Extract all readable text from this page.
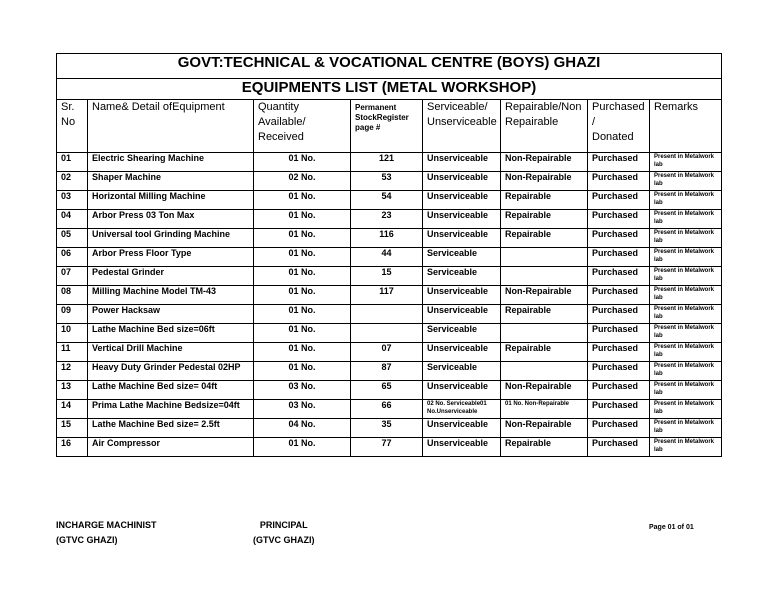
GOVT:TECHNICAL & VOCATIONAL CENTRE (BOYS) GHAZI							
EQUIPMENTS LIST (METAL WORKSHOP)							
Sr.
No	Name& Detail ofEquipment	Quantity
Available/
Received	Permanent
StockRegister
page #	Serviceable/
Unserviceable	Repairable/Non
Repairable	Purchased
/
Donated	Remarks
01	Electric Shearing Machine	01 No.	121	Unserviceable	Non-Repairable	Purchased	Present in Metalwork lab
02	Shaper Machine	02 No.	53	Unserviceable	Non-Repairable	Purchased	Present in Metalwork lab
03	Horizontal Milling Machine	01 No.	54	Unserviceable	Repairable	Purchased	Present in Metalwork lab
04	Arbor Press 03 Ton Max	01 No.	23	Unserviceable	Repairable	Purchased	Present in Metalwork lab
05	Universal tool Grinding Machine	01 No.	116	Unserviceable	Repairable	Purchased	Present in Metalwork lab
06	Arbor Press Floor Type	01 No.	44	Serviceable		Purchased	Present in Metalwork lab
07	Pedestal Grinder	01 No.	15	Serviceable		Purchased	Present in Metalwork lab
08	Milling Machine Model TM-43	01 No.	117	Unserviceable	Non-Repairable	Purchased	Present in Metalwork lab
09	Power Hacksaw	01 No.		Unserviceable	Repairable	Purchased	Present in Metalwork lab
10	Lathe Machine Bed size=06ft	01 No.		Serviceable		Purchased	Present in Metalwork lab
11	Vertical Drill Machine	01 No.	07	Unserviceable	Repairable	Purchased	Present in Metalwork lab
12	Heavy Duty Grinder Pedestal 02HP	01 No.	87	Serviceable		Purchased	Present in Metalwork lab
13	Lathe Machine Bed size= 04ft	03 No.	65	Unserviceable	Non-Repairable	Purchased	Present in Metalwork lab
14	Prima Lathe Machine Bedsize=04ft	03 No.	66	02 No. Serviceable01 No.Unserviceable	01 No. Non-Repairable	Purchased	Present in Metalwork lab
15	Lathe Machine Bed size= 2.5ft	04 No.	35	Unserviceable	Non-Repairable	Purchased	Present in Metalwork lab
16	Air Compressor	01 No.	77	Unserviceable	Repairable	Purchased	Present in Metalwork lab
INCHARGE MACHINIST
(GTVC GHAZI)
PRINCIPAL
(GTVC GHAZI)
Page 01 of 01
